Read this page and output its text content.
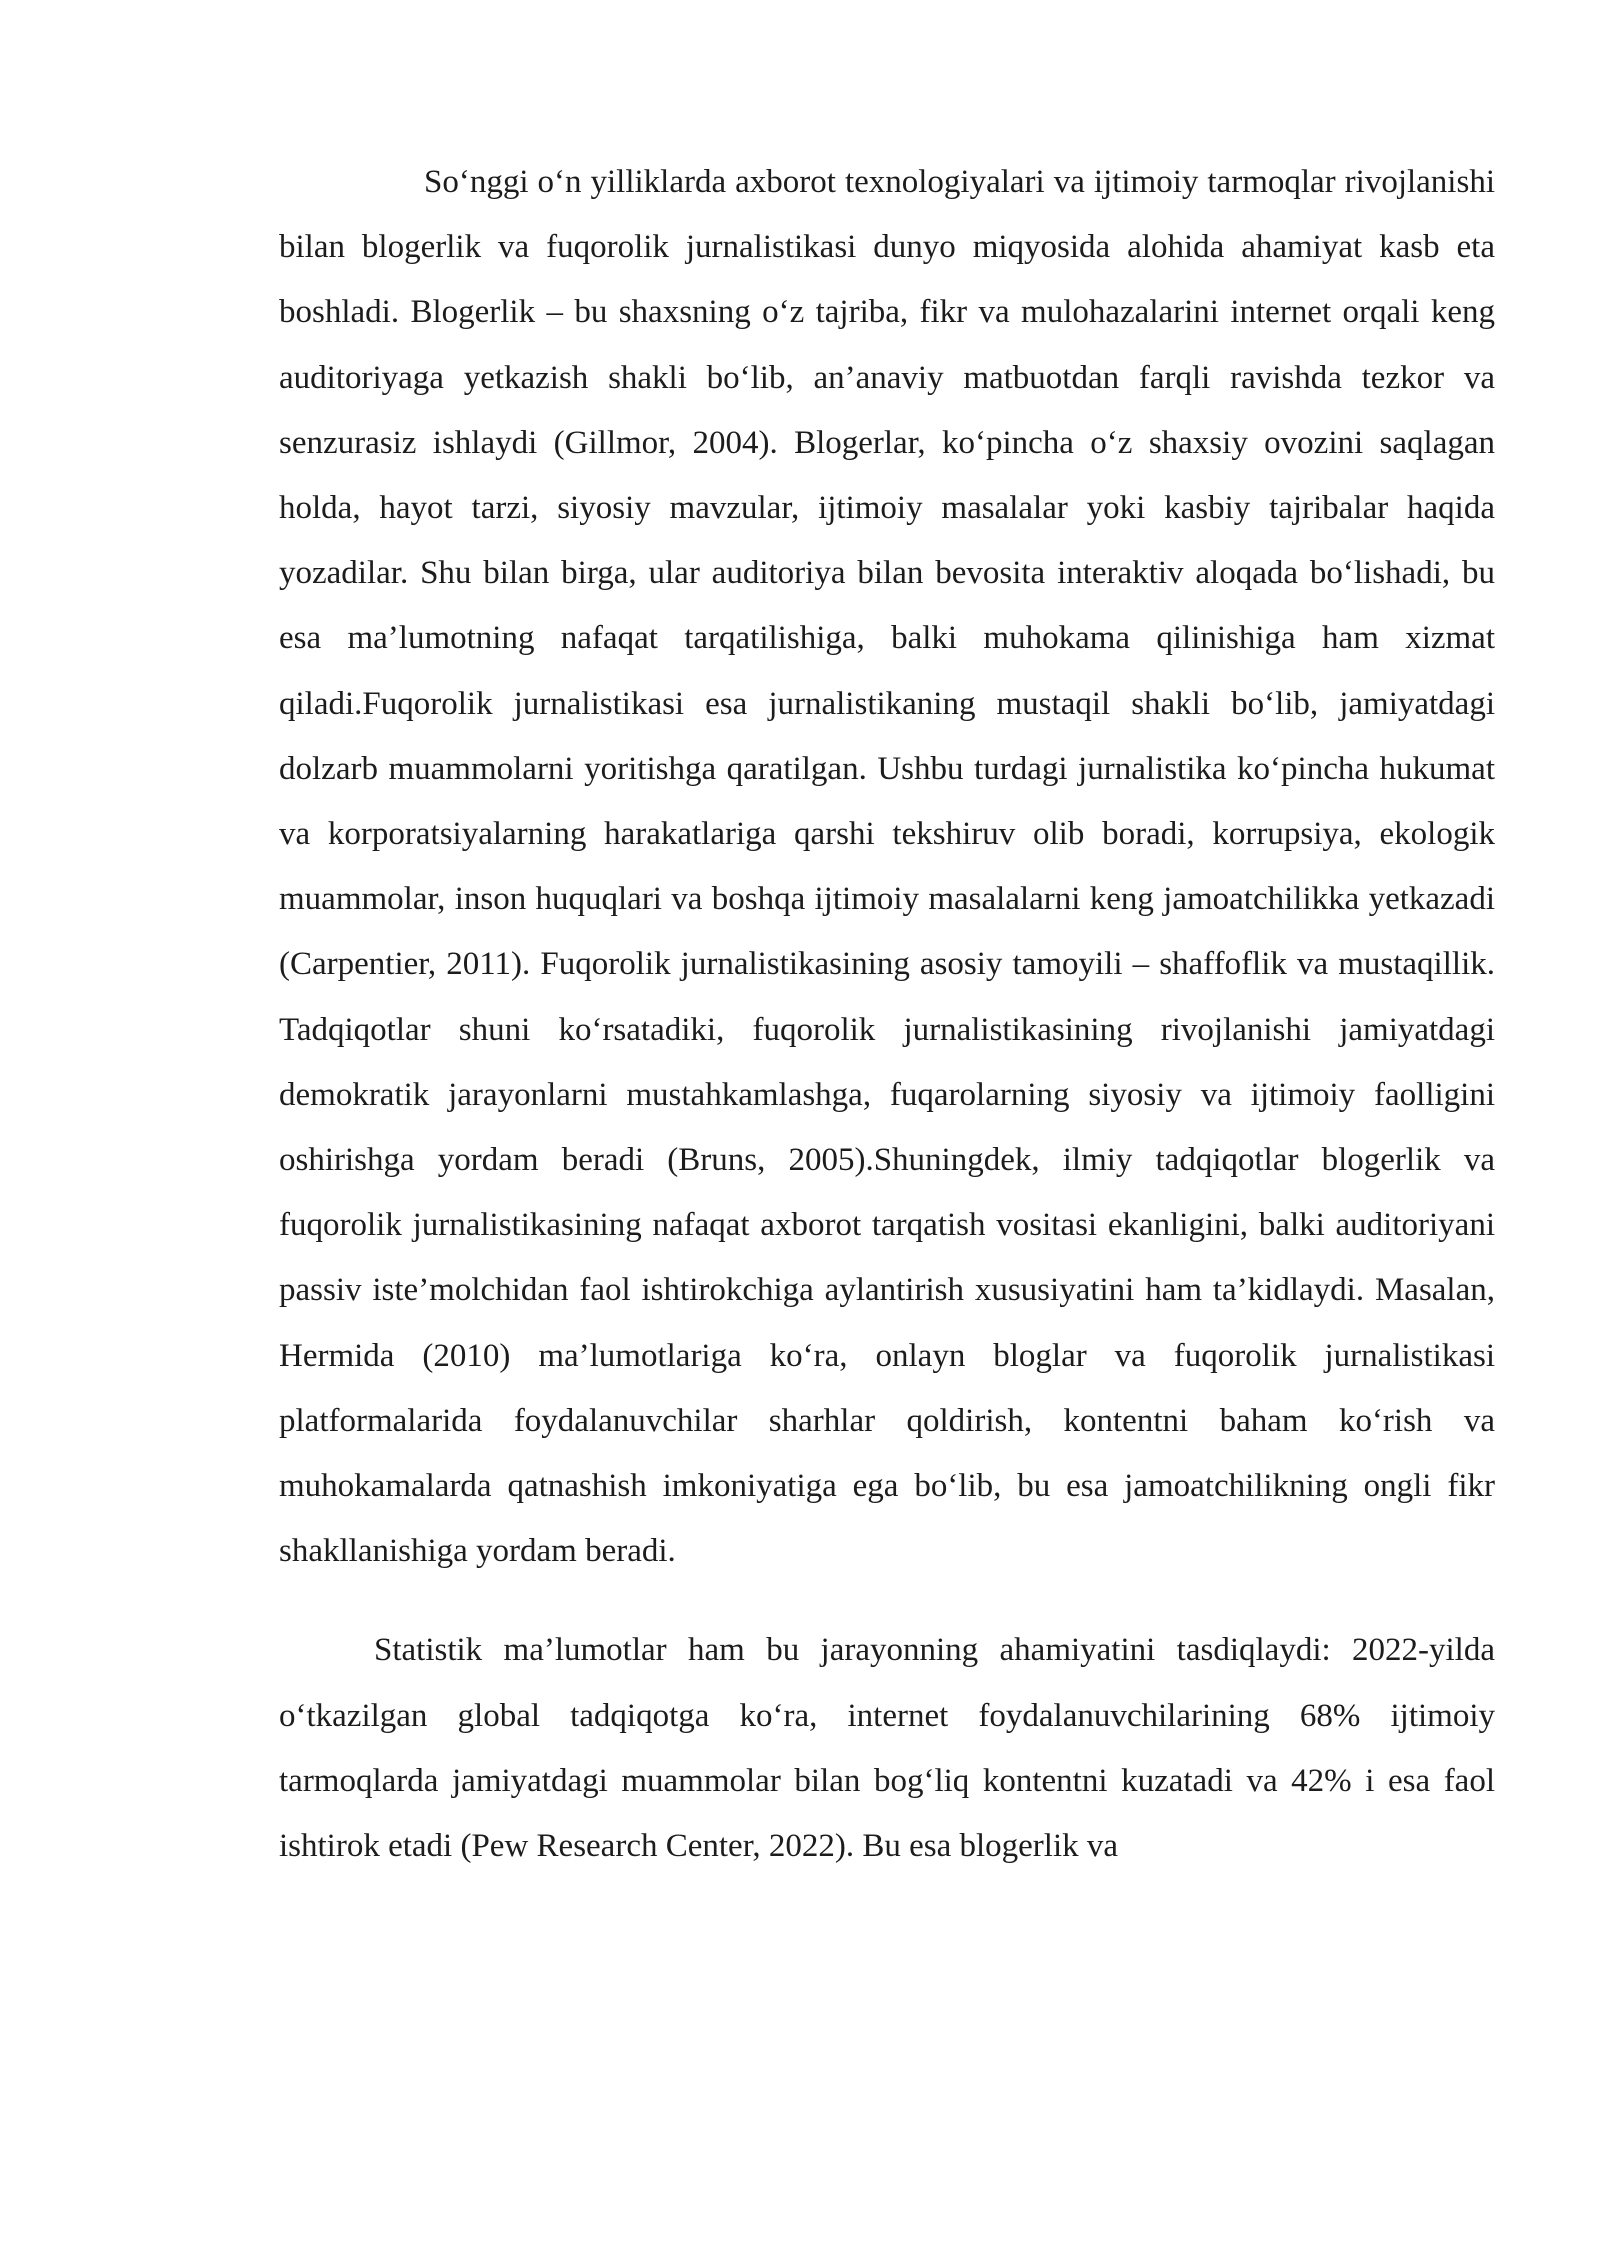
So‘nggi o‘n yilliklarda axborot texnologiyalari va ijtimoiy tarmoqlar rivojlanishi bilan blogerlik va fuqorolik jurnalistikasi dunyo miqyosida alohida ahamiyat kasb eta boshladi. Blogerlik – bu shaxsning o‘z tajriba, fikr va mulohazalarini internet orqali keng auditoriyaga yetkazish shakli bo‘lib, an’anaviy matbuotdan farqli ravishda tezkor va senzurasiz ishlaydi (Gillmor, 2004). Blogerlar, ko‘pincha o‘z shaxsiy ovozini saqlagan holda, hayot tarzi, siyosiy mavzular, ijtimoiy masalalar yoki kasbiy tajribalar haqida yozadilar. Shu bilan birga, ular auditoriya bilan bevosita interaktiv aloqada bo‘lishadi, bu esa ma’lumotning nafaqat tarqatilishiga, balki muhokama qilinishiga ham xizmat qiladi.Fuqorolik jurnalistikasi esa jurnalistikaning mustaqil shakli bo‘lib, jamiyatdagi dolzarb muammolarni yoritishga qaratilgan. Ushbu turdagi jurnalistika ko‘pincha hukumat va korporatsiyalarning harakatlariga qarshi tekshiruv olib boradi, korrupsiya, ekologik muammolar, inson huquqlari va boshqa ijtimoiy masalalarni keng jamoatchilikka yetkazadi (Carpentier, 2011). Fuqorolik jurnalistikasining asosiy tamoyili – shaffoflik va mustaqillik. Tadqiqotlar shuni ko‘rsatadiki, fuqorolik jurnalistikasining rivojlanishi jamiyatdagi demokratik jarayonlarni mustahkamlashga, fuqarolarning siyosiy va ijtimoiy faolligini oshirishga yordam beradi (Bruns, 2005).Shuningdek, ilmiy tadqiqotlar blogerlik va fuqorolik jurnalistikasining nafaqat axborot tarqatish vositasi ekanligini, balki auditoriyani passiv iste’molchidan faol ishtirokchiga aylantirish xususiyatini ham ta’kidlaydi. Masalan, Hermida (2010) ma’lumotlariga ko‘ra, onlayn bloglar va fuqorolik jurnalistikasi platformalarida foydalanuvchilar sharhlar qoldirish, kontentni baham ko‘rish va muhokamalarda qatnashish imkoniyatiga ega bo‘lib, bu esa jamoatchilikning ongli fikr shakllanishiga yordam beradi.

Statistik ma’lumotlar ham bu jarayonning ahamiyatini tasdiqlaydi: 2022-yilda o‘tkazilgan global tadqiqotga ko‘ra, internet foydalanuvchilarining 68% ijtimoiy tarmoqlarda jamiyatdagi muammolar bilan bog‘liq kontentni kuzatadi va 42% i esa faol ishtirok etadi (Pew Research Center, 2022). Bu esa blogerlik va
